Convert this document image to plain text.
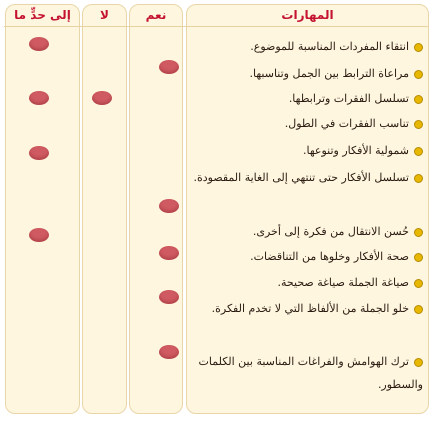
إلى حدٍّ ما	لا	نعم	المهارات
انتقاء المفردات المناسبة للموضوع.
مراعاة الترابط بين الجمل وتناسبها.
تسلسل الفقرات وترابطها.
تناسب الفقرات في الطول.
شمولية الأفكار وتنوعها.
تسلسل الأفكار حتى تنتهي إلى الغاية المقصودة.
حُسن الانتقال من فكرة إلى أخرى.
صحة الأفكار وخلوها من التناقضات.
صياغة الجملة صياغة صحيحة.
خلو الجملة من الألفاظ التي لا تخدم الفكرة.
ترك الهوامش والفراغات المناسبة بين الكلمات والسطور.
